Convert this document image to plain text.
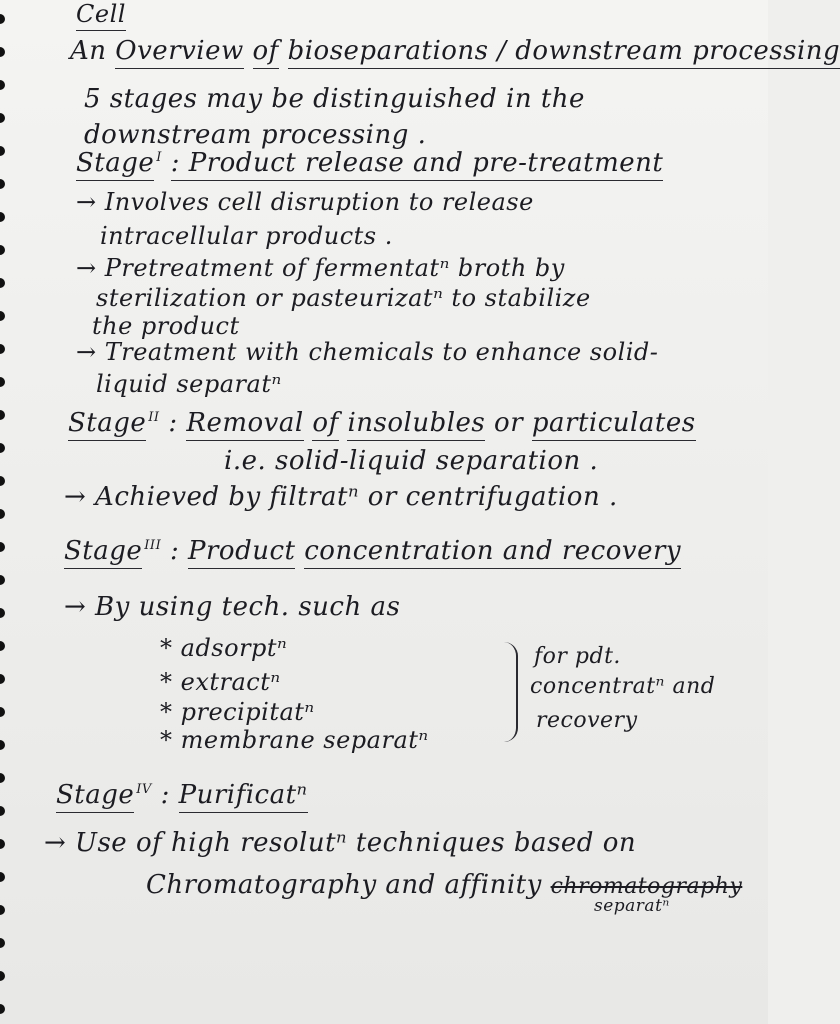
Cell
An Overview of bioseparations / downstream processing
5 stages may be distinguished in the
downstream processing .
Stage $^I$ : Product release and pre-treatment
→ Involves cell disruption to release
intracellular products .
→ Pretreatment of fermentatⁿ broth by
sterilization or pasteurizatⁿ to stabilize
the product
→ Treatment with chemicals to enhance solid-
liquid separatⁿ
Stage $^{II}$ : Removal of insolubles or particulates
i.e. solid-liquid separation .
→ Achieved by filtratⁿ or centrifugation .
Stage $^{III}$ : Product concentration and recovery
→ By using tech. such as
* adsorptⁿ
* extractⁿ
* precipitatⁿ
* membrane separatⁿ
for pdt.
concentratⁿ and
recovery
Stage $^{IV}$ : Purificatⁿ
→ Use of high resolutⁿ techniques based on
Chromatography and affinity chromatography
separatⁿ
